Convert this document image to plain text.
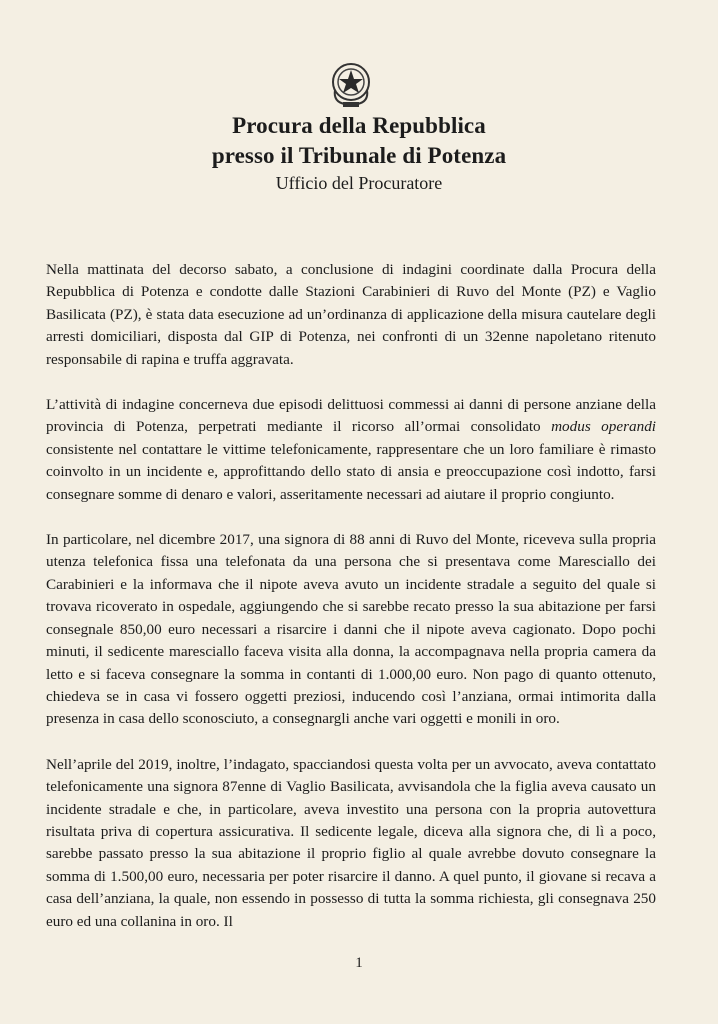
Procura della Repubblica
presso il Tribunale di Potenza
Ufficio del Procuratore

Nella mattinata del decorso sabato, a conclusione di indagini coordinate dalla Procura della Repubblica di Potenza e condotte dalle Stazioni Carabinieri di Ruvo del Monte (PZ) e Vaglio Basilicata (PZ), è stata data esecuzione ad un’ordinanza di applicazione della misura cautelare degli arresti domiciliari, disposta dal GIP di Potenza, nei confronti di un 32enne napoletano ritenuto responsabile di rapina e truffa aggravata.

L’attività di indagine concerneva due episodi delittuosi commessi ai danni di persone anziane della provincia di Potenza, perpetrati mediante il ricorso all’ormai consolidato modus operandi consistente nel contattare le vittime telefonicamente, rappresentare che un loro familiare è rimasto coinvolto in un incidente e, approfittando dello stato di ansia e preoccupazione così indotto, farsi consegnare somme di denaro e valori, asseritamente necessari ad aiutare il proprio congiunto.

In particolare, nel dicembre 2017, una signora di 88 anni di Ruvo del Monte, riceveva sulla propria utenza telefonica fissa una telefonata da una persona che si presentava come Maresciallo dei Carabinieri e la informava che il nipote aveva avuto un incidente stradale a seguito del quale si trovava ricoverato in ospedale, aggiungendo che si sarebbe recato presso la sua abitazione per farsi consegnale 850,00 euro necessari a risarcire i danni che il nipote aveva cagionato. Dopo pochi minuti, il sedicente maresciallo faceva visita alla donna, la accompagnava nella propria camera da letto e si faceva consegnare la somma in contanti di 1.000,00 euro. Non pago di quanto ottenuto, chiedeva se in casa vi fossero oggetti preziosi, inducendo così l’anziana, ormai intimorita dalla presenza in casa dello sconosciuto, a consegnargli anche vari oggetti e monili in oro.

Nell’aprile del 2019, inoltre, l’indagato, spacciandosi questa volta per un avvocato, aveva contattato telefonicamente una signora 87enne di Vaglio Basilicata, avvisandola che la figlia aveva causato un incidente stradale e che, in particolare, aveva investito una persona con la propria autovettura risultata priva di copertura assicurativa. Il sedicente legale, diceva alla signora che, di lì a poco, sarebbe passato presso la sua abitazione il proprio figlio al quale avrebbe dovuto consegnare la somma di 1.500,00 euro, necessaria per poter risarcire il danno. A quel punto, il giovane si recava a casa dell’anziana, la quale, non essendo in possesso di tutta la somma richiesta, gli consegnava 250 euro ed una collanina in oro. Il

1
